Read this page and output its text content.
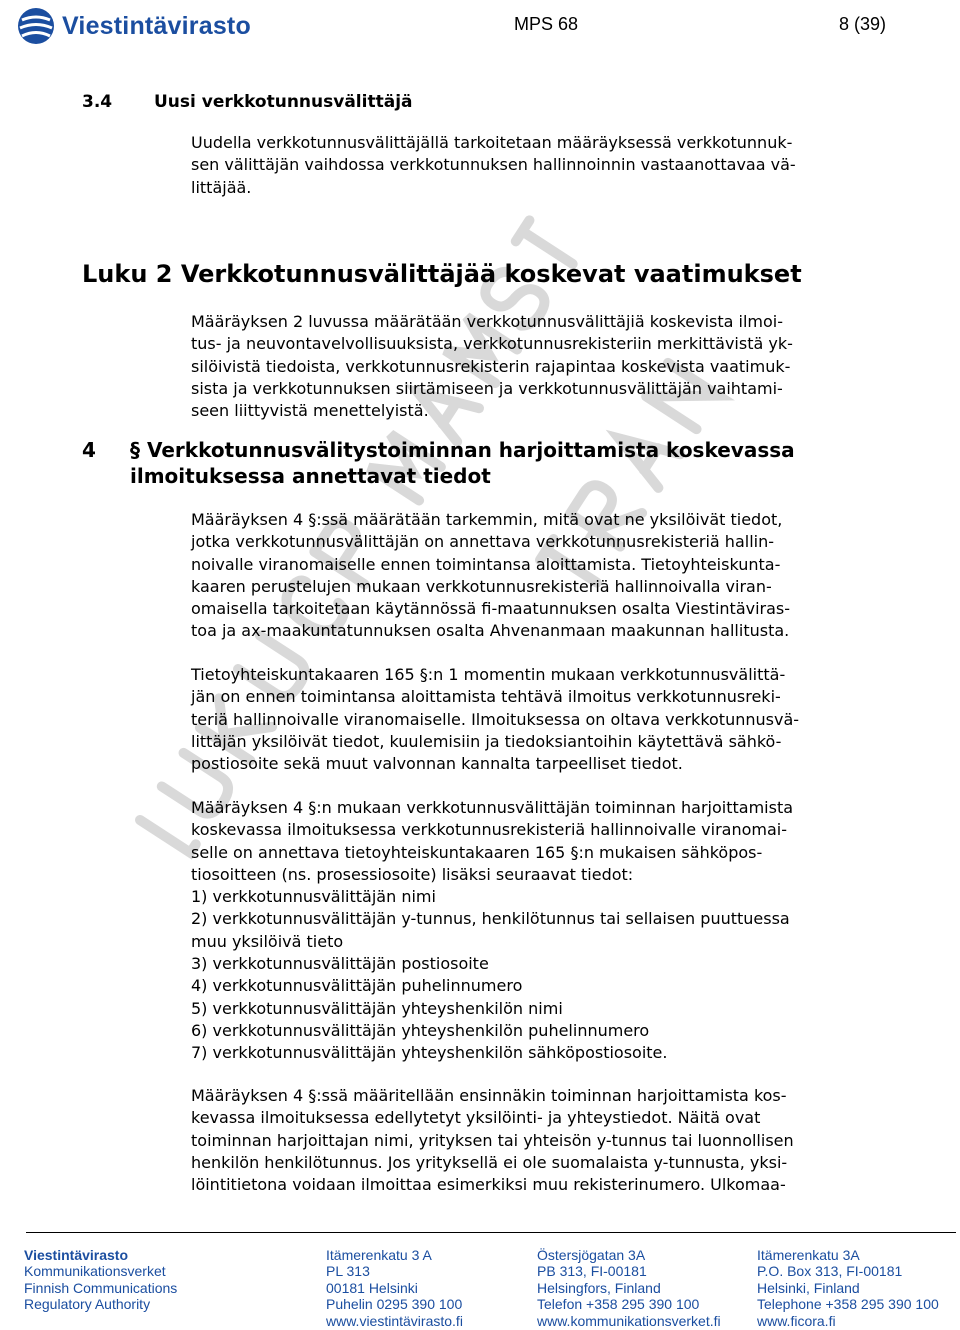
Viestintävirasto	MPS 68	8 (39)
3.4	Uusi verkkotunnusvälittäjä

Uudella verkkotunnusvälittäjällä tarkoitetaan määräyksessä verkkotunnuk-
sen välittäjän vaihdossa verkkotunnuksen hallinnoinnin vastaanottavaa vä-
littäjää.

Luku 2 Verkkotunnusvälittäjää koskevat vaatimukset

Määräyksen 2 luvussa määrätään verkkotunnusvälittäjiä koskevista ilmoi-
tus- ja neuvontavelvollisuuksista, verkkotunnusrekisteriin merkittävistä yk-
silöivistä tiedoista, verkkotunnusrekisterin rajapintaa koskevista vaatimuk-
sista ja verkkotunnuksen siirtämiseen ja verkkotunnusvälittäjän vaihtami-
seen liittyvistä menettelyistä.

4 § Verkkotunnusvälitystoiminnan harjoittamista koskevassa
ilmoituksessa annettavat tiedot

Määräyksen 4 §:ssä määrätään tarkemmin, mitä ovat ne yksilöivät tiedot,
jotka verkkotunnusvälittäjän on annettava verkkotunnusrekisteriä hallin-
noivalle viranomaiselle ennen toimintansa aloittamista. Tietoyhteiskunta-
kaaren perustelujen mukaan verkkotunnusrekisteriä hallinnoivalla viran-
omaisella tarkoitetaan käytännössä fi-maatunnuksen osalta Viestintäviras-
toa ja ax-maakuntatunnuksen osalta Ahvenanmaan maakunnan hallitusta.

Tietoyhteiskuntakaaren 165 §:n 1 momentin mukaan verkkotunnusvälittä-
jän on ennen toimintansa aloittamista tehtävä ilmoitus verkkotunnusreki-
teriä hallinnoivalle viranomaiselle. Ilmoituksessa on oltava verkkotunnusvä-
littäjän yksilöivät tiedot, kuulemisiin ja tiedoksiantoihin käytettävä sähkö-
postiosoite sekä muut valvonnan kannalta tarpeelliset tiedot.

Määräyksen 4 §:n mukaan verkkotunnusvälittäjän toiminnan harjoittamista
koskevassa ilmoituksessa verkkotunnusrekisteriä hallinnoivalle viranomai-
selle on annettava tietoyhteiskuntakaaren 165 §:n mukaisen sähköpos-
tiosoitteen (ns. prosessiosoite) lisäksi seuraavat tiedot:
1) verkkotunnusvälittäjän nimi
2) verkkotunnusvälittäjän y-tunnus, henkilötunnus tai sellaisen puuttuessa
muu yksilöivä tieto
3) verkkotunnusvälittäjän postiosoite
4) verkkotunnusvälittäjän puhelinnumero
5) verkkotunnusvälittäjän yhteyshenkilön nimi
6) verkkotunnusvälittäjän yhteyshenkilön puhelinnumero
7) verkkotunnusvälittäjän yhteyshenkilön sähköpostiosoite.

Määräyksen 4 §:ssä määritellään ensinnäkin toiminnan harjoittamista kos-
kevassa ilmoituksessa edellytetyt yksilöinti- ja yhteystiedot. Näitä ovat
toiminnan harjoittajan nimi, yrityksen tai yhteisön y-tunnus tai luonnollisen
henkilön henkilötunnus. Jos yrityksellä ei ole suomalaista y-tunnusta, yksi-
löintitietona voidaan ilmoittaa esimerkiksi muu rekisterinumero. Ulkomaa-

Viestintävirasto
Kommunikationsverket
Finnish Communications
Regulatory Authority
Itämerenkatu 3 A
PL 313
00181 Helsinki
Puhelin 0295 390 100
www.viestintävirasto.fi
Östersjögatan 3A
PB 313, FI-00181
Helsingfors, Finland
Telefon +358 295 390 100
www.kommunikationsverket.fi
Itämerenkatu 3A
P.O. Box 313, FI-00181
Helsinki, Finland
Telephone +358 295 390 100
www.ficora.fi
